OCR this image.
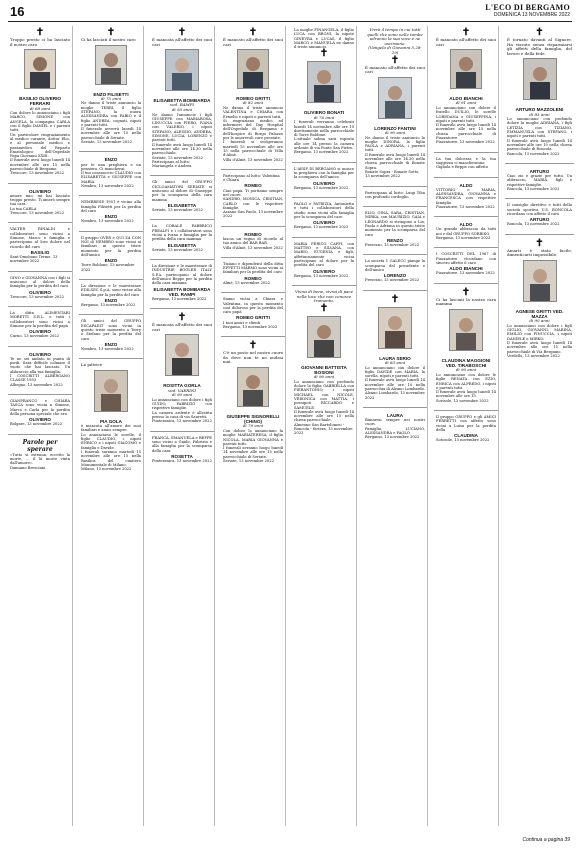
16	L'ECO DI BERGAMO
DOMENICA 13 NOVEMBRE 2022
✝
Troppo presto ci ha lasciato il nostro caro
BASILIO OLIVERIO FERRARI
di 68 anni
Con dolore lo annunciano i figli MARCO, SIMONE con ANGELA, la compagna CARLA con il figlio DANIEL e i parenti tutti.
Un particolare ringraziamento al medico curante, dottor Elio, e al personale medico e paramedico del Reparto Ematologico dell'Ospedale Papa Giovanni XXIII.
Il funerale avrà luogo lunedì 14 novembre alle ore 15 nella parrocchiale di Bergamo.
Trescore, 13 novembre 2022
OLIVIERO
amore mio, mi hai lasciato troppo presto. Ti amerò sempre tua cara.
La tua CARLA
Trescore, 13 novembre 2022
VALTER RINALDI e collaboratori sono vicini a Simone, Marco e famiglia e partecipano al loro dolore nel ricordo del caro
BASILIO
Sant'Omobono Terme, 13 novembre 2022
GINO e GIOVANNA con i figli si uniscono al dolore della famiglia per la perdita del caro
OLIVIERO
Trescore, 13 novembre 2022
La ditta ALIMENTARI MORETTI S.R.L. e tutti i collaboratori sono vicini a Simone per la perdita del papà
OLIVIERO
Curno, 13 novembre 2022
OLIVIERO
Te ne sei andato in punta di piedi. Sarà difficile colmare il vuoto che hai lasciato. Un abbraccio alla tua famiglia.
I COSCRITTI ALBERGANO CLASSE 1955
Albegno, 13 novembre 2022
GIANFRANCO e CHIARA TASCA sono vicini a Simone, Marco e Carla per la perdita della persona speciale che era
OLIVIERO
Bolgare, 13 novembre 2022
Parole per sperare
«Tutto si estenua, eccetto la morte, ... il là morte vinta dall'amore».
Damiano Bresciani
✝
Ci ha lasciati il nostro caro
ENZO FILISETTI
di 75 anni
Ne danno il triste annuncio la moglie TERRI, il figlio STEFANO, la nuora ALESSANDRA con FABIO e il figlio ANDREA, cognati, nipoti e parenti tutti.
Il funerale avverrà lunedì 14 novembre alle ore 15 nella parrocchiale di Seriate.
Seriate, 13 novembre 2022
ENZO
per te una preghiera e un pensiero. Ci mancherai.
Il tuo consuocero CLAUDIO con ELISABETTA e GIUSEPPE con MARIA
Nembro, 13 novembre 2022
NEMBRESE 1951 è vicino alla famiglia Filisetti per la perdita del caro
ENZO
Nembro, 13 novembre 2022
Il gruppo OVER e QUI ZA CON NOI di NEMBRO sono vicini ai familiari in questo triste momento per la perdita dell'amico
ENZO
Torre Boldone, 13 novembre 2022
La direzione e le maestranze EDILSEC S.p.A. sono vicine alla famiglia per la perdita del caro
ENZO
Bergamo, 13 novembre 2022
Gli amici del GRUPPO ESCAPADIT sono vicini in questo triste momento a Terry e Stefano per la perdita del caro
ENZO
Nembro, 13 novembre 2022
La pittrice
PIA GOLA
è mancata all'amore dei suoi familiari e amici sempre.
Lo annunciano le sorelle, il figlio CLAUDIO, i nipoti ENRICO e i nipoti GIACOMO e famiglia e Davide.
I funerali saranno martedì 15 novembre alle ore 15 nella Basilica del cimitero Monumentale di Milano.
Milano, 13 novembre 2022
✝
È mancata all'affetto dei suoi cari
ELISABETTA BOMBARDA
ved. RAMPI
di 95 anni
Ne danno l'annuncio i figli GIUSEPPE con MARIAROSA, LINUCCIA con PIERO, IVANA con VALERIO, i nipoti STEFANO, ALESSIO, ANDREA, SIMONE, LUCIA, LORENZO e parenti tutti.
Il funerale avrà luogo lunedì 14 novembre alle ore 14.30 nella parrocchiale.
Seriate, 13 novembre 2022
Partecipano al lutto: Mariangela e Andrea
Gli amici del GRUPPO CICLOAMATORI SERIATE si uniscono al dolore di Giuseppe per la scomparsa della cara mamma
ELISABETTA
Seriate, 13 novembre 2022
La COBALE FABBRICO PREALPI e i collaboratori sono vicini a Ivana e famiglia per la perdita della cara mamma
ELISABETTA
Seriate, 13 novembre 2022
La direzione e le maestranze di INDUSTRIE BOGLER ITALY S.P.A. partecipano al dolore dell'amico Beppe per la perdita della cara mamma
ELISABETTA BOMBARDA VED. RAMPI
Bergamo, 13 novembre 2022
✝
È mancata all'affetto dei suoi cari
ROSITTA GORLA
ved. VAERINI
di 90 anni
Lo annunciano con dolore i figli GUIDO, FABRIZIO con rispettive famiglie.
La camera ardente è allestita presso la casa di via Sauretti.
Ponteranica, 13 novembre 2022
FRANCA, EMANUELA e BEPPE sono vicini a Guido, Fabrizio e alla famiglia per la scomparsa della cara
ROSETTA
Ponteranica, 13 novembre 2022
✝
È mancato all'affetto dei suoi cari
ROMEO GRITTI
di 82 anni
Ne danno il triste annuncio VALENTINA e CHIARA con Ermelio e nipoti e parenti tutti.
Si ringraziano medici ed infermieri del Day Hospital dell'Ospedale di Bergamo e dell'hospice di Borgo Palazzo per le amorevoli cure prestate.
I funerali si svolgeranno martedì 15 novembre alle ore 15 nella parrocchiale di Villa d'Almè.
Villa d'Almè, 13 novembre 2022
Partecipano al lutto: Valentina e Chiara
ROMEO
Ciao papà. Ti portiamo sempre nel cuore.
SANDRO, MONICA, CRISTIAN, CARLO con le rispettive famiglie.
Azzano San Paolo, 13 novembre 2022
ROMEO
lascia un segno di ricordo al tuo amico del BAR BAR.
Villa d'Almè, 13 novembre 2022
Tiziano e dipendenti della ditta EFFETTI MARMO sono vicini ai familiari per la perdita del caro
ROMEO
Almè, 13 novembre 2022
Siamo vicini a Chiara e Valentina, in questo momento così doloroso per la perdita del caro papà
ROMEO GRITTI
I tuoi amici e clienti
Bergamo, 13 novembre 2022
✝
C'è un posto nel nostro cuore da dove non te ne andrai mai.
GIUSEPPE SIGNORELLI (CHINO)
di 79 anni
Con dolore lo annunciano la moglie MARIATERESA, il figlio NICOLA, MARIA GIOVANNA e parenti tutti.
I funerali avranno luogo lunedì 14 novembre alle ore 15 nella parrocchiale di Seriate.
Seriate, 13 novembre 2022
La moglie FINANGELA, il figlio LUCA con BRONI, la nipote GINEVRA e LUCAS, il figlio MARCO e MANUELA ne danno il triste annuncio.
✝
OLIVIERO BONATI
di 76 anni
I funerali verranno celebrati lunedì 14 novembre alle ore 10 direttamente nella parrocchiale di Torre Boldone.
L'attuale salma sarà esposta alle ore 14 presso la camera ardente di via Ponte San Pietro.
Bergamo, 13 novembre 2022
L'AESP DI BERGAMO si unisce in preghiera con la famiglia per la scomparsa dell'amico
OLIVIERO
Bergamo, 13 novembre 2022
PAOLO e PATRIZIA, Antonietta e tutti i collaboratori della studio sono vicini alla famiglia per la scomparsa del caro
OLIVIERO
Bergamo, 13 novembre 2022
MARIA PERICO CAFFI, con MATTEO e SILVANA, con MARIO, EUGENIA e figli, affettuosamente vicini partecipano al dolore per la perdita del caro
OLIVIERO
Bergamo, 13 novembre 2022
Vivrai di bene, vivrai di pace nella luce che non conosce tramonto.
✝
GIOVANNI BATTISTA BOSIONI
di 90 anni
Lo annunciano con profondo dolore la figlia GABRIELLA con PIERANTONIO, i nipoti MICHAEL con NICOLE, VERONICA con MATTIA, i pronipoti RICCARDO e SAMUELE.
Il funerale avrà luogo lunedì 14 novembre alle ore 15 nella chiesa parrocchiale.
Almenno San Bartolomeo - Roncola - Sirtera, 13 novembre 2022
Vivrà il tempo in cui tutti quelli che sono nelle tombe udranno la sua voce e ne usciranno.
(Vangelo di Giovanni 5,28-29)
✝
È mancato all'affetto dei suoi cari
LORENZO FANTINI
di 90 anni
Ne danno il triste annuncio la moglie DINORA, la figlia PAOLA e ADRIANA, i parenti tutti.
Il funerale avrà luogo lunedì 14 novembre alle ore 14.30 nella chiesa parrocchiale di Bonate Sopra.
Bonate Sopra - Bonate Sotto, 13 novembre 2022
Partecipano al lutto: Luigi Tiba con profondo cordoglio.
ELIO, GINA, SARA, CRISTIAN, MIRKA, con MAURIZIO, GAIA e LEONARDO si stringono a Lia, Paola e Adriana in questo triste momento per la scomparsa del caro
RENZO
Presezzo, 13 novembre 2022
La società 1 GALECC piange la scomparsa del presidente e dell'amico
LORENZO
Presezzo, 13 novembre 2022
✝
LAURA SERIO
di 83 anni
Lo annunciano con dolore il figlio DAVIDE con MARIA, la sorella, nipoti e parenti tutti.
Il funerale avrà luogo lunedì 14 novembre alle ore 10 nella parrocchia di Alzano Lombardo.
Alzano Lombardo, 13 novembre 2022
LAURA
Rimarrai sempre nei nostri cuori.
Famiglia, LUCIANO, ALESSANDRA e PAOLO
Bergamo, 13 novembre 2022
✝
È mancato all'affetto dei suoi cari
ALDO BIANCHI
di 91 anni
Lo annunciano con dolore il fratello DUILIO, le sorelle LOREDANA e GIUSEPPINA, i nipoti e parenti tutti.
Il funerale avrà luogo lunedì 14 novembre alle ore 15 nella chiesa parrocchiale di Piazzatorre.
Piazzatorre, 13 novembre 2022
La tua dolcezza e la tua saggezza ci mancheranno.
Gigliola e Beppe con affetto
ALDO
VITTORIO e MARIA, ALESSANDRA, GIOVANNA e FRANCESCA con rispettive famiglie.
Piazzatorre, 13 novembre 2022
ALDO
Un grande abbraccio da tutti noi e dal GRUPPO SORRISO.
Bergamo, 13 novembre 2022
I COSCRITTI DEL 1967 di Piazzatorre ricordano con sincero affetto il caro
ALDO BIANCHI
Piazzatorre, 13 novembre 2022
✝
Ci ha lasciati la nostra cara mamma
CLAUDINA MAGGIONI VED. TIRABOSCHI
di 90 anni
Lo annunciano con dolore le figlie RENATA con EZIO, ENRICA con ALFREDO, i nipoti e parenti tutti.
Il funerale avrà luogo lunedì 14 novembre alle ore 15.
Sorisole, 13 novembre 2022
Il gruppo GRUPPO e gli AMICI FERRETTI con affetto sono vicini a Luisa per la perdita della
CLAUDINA
Sotosole, 13 novembre 2022
✝
È tornato davanti al Signore. Ha vissuto senza risparmiarsi gli affetti della famiglia, del lavoro e della fede.
ARTURO MAZZOLENI
di 83 anni
Lo annunciano con profondo dolore la moglie ADRIANA, i figli LETIZIA con TIZIANO, EMMANUELA con STEFANO, i nipoti e parenti tutti.
Il funerale avrà luogo lunedì 14 novembre alle ore 10 nella chiesa parrocchiale di Roncola.
Roncola, 13 novembre 2022
ARTURO
Ciao zio e grazie per tutto. Un abbraccio, MARIA, figli e rispettive famiglie.
Roncola, 13 novembre 2022
Il consiglio direttivo e tutti della società sportiva U.S. RONCOLA ricordano con affetto il caro
ARTURO
Roncola, 13 novembre 2022
✝
Amarti è stato facile, dimenticarti impossibile.
AGNESE GRITTI VED. MAZZA
di 90 anni
Lo annunciano con dolore i figli GIGLIO, GIOVANNI, MARINA, EMILIO con FINUCCIA, i nipoti DANIELE e MIRKO.
Il funerale avrà luogo lunedì 14 novembre alle ore 15 nella parrocchiale di Via Bergamo.
Verdello, 13 novembre 2022
Continua a pagina 39
